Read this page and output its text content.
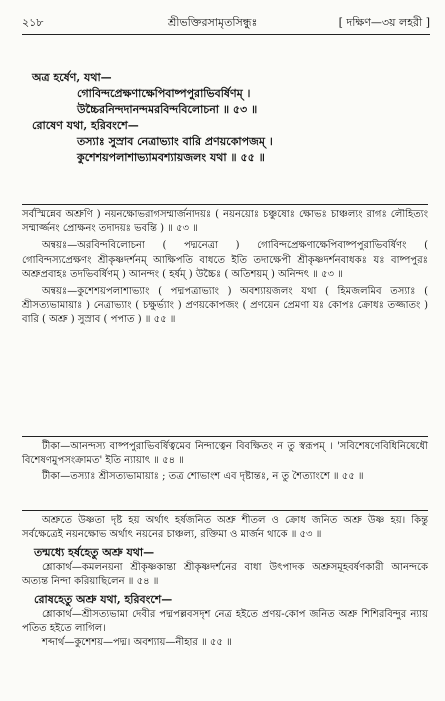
২১৮	শ্রীভক্তিরসামৃতসিন্ধুঃ	[ দক্ষিণ—৩য় লহরী ]

অত্র হর্ষেণ, যথা—

গোবিন্দপ্রেক্ষণাক্ষেপিবাষ্পপুরাভিবর্ষিণম্ ।

উচ্চৈরনিন্দদানন্দমরবিন্দবিলোচনা ॥ ৫৩ ॥

রোষেণ যথা, হরিবংশে—

তস্যাঃ সুস্রাব নেত্রাভ্যাং বারি প্রণয়কোপজম্ ।

কুশেশয়পলাশাভ্যামবশ্যায়জলং যথা ॥ ৫৫ ॥

সর্বস্মিন্নেব অশ্রুণি ) নয়নক্ষোভরাগসম্মার্জনাদয়ঃ ( নয়নয়োঃ চঞ্চুষোঃ ক্ষোভঃ চাঞ্চল্যং রাগঃ লৌহিত্যং সম্মার্জ্জনং প্রোক্ষনং তদাদয়ঃ ভবন্তি ) ॥ ৫৩ ॥

অন্বয়ঃ—অরবিন্দবিলোচনা ( পদ্মনেত্রা ) গোবিন্দপ্রেক্ষণাক্ষেপিবাষ্পপুরাভিবর্ষিণং ( গোবিন্দস্যপ্রেক্ষণং শ্রীকৃষ্ণদর্শনম্ আক্ষিপতি বাধতে ইতি তদাক্ষেপী শ্রীকৃষ্ণদর্শনবাধকঃ যঃ বাষ্পপুরঃ অশ্রুপ্রবাহঃ তদভিবর্ষিণম্ ) আনন্দং ( হর্ষম্ ) উচ্চৈঃ ( অতিশয়ম্ ) অনিন্দৎ ॥ ৫৩ ॥

অন্বয়ঃ—কুশেশয়পলাশাভ্যাং ( পদ্মপত্রাভ্যাং ) অবশ্যায়জলং যথা ( হিমজলমিব তস্যাঃ ( শ্রীসত্যভামায়াঃ ) নেত্রাভ্যাং ( চক্ষুর্ভ্যাং ) প্রণয়কোপজং ( প্রণয়েন প্রেমণা যঃ কোপঃ ক্রোধঃ তজ্জাতং ) বারি ( অশ্রু ) সুস্রাব ( পপাত ) ॥ ৫৫ ॥

টীকা—আনন্দস্য বাষ্পপুরাভিবর্ষিত্বমেব নিন্দাত্বেন বিবক্ষিতং ন তু স্বরূপম্ । 'সবিশেষণেবিধিনিষেধৌ বিশেষণমুপসংক্রামত' ইতি ন্যায়াৎ ॥ ৫৪ ॥

টীকা—তস্যাঃ শ্রীসত্যভামায়াঃ ; তত্র শোভাংশ এব দৃষ্টান্তঃ, ন তু শৈত্যাংশে ॥ ৫৫ ॥

অশ্রুতে উষ্ণতা দৃষ্ট হয় অর্থাৎ হর্ষজনিত অশ্রু শীতল ও ক্রোধ জনিত অশ্রু উষ্ণ হয়। কিন্তু সর্বক্ষেত্রেই নয়নক্ষোভ অর্থাৎ নয়নের চাঞ্চল্য, রক্তিমা ও মার্জন থাকে ॥ ৫৩ ॥

তন্মধ্যে হর্ষহেতু অশ্রু যথা—

শ্লোকার্থ—কমলনয়না শ্রীকৃষ্ণকান্তা শ্রীকৃষ্ণদর্শনের বাধা উৎপাদক অশ্রুসমূহবর্ষণকারী আনন্দকে অত্যন্ত নিন্দা করিয়াছিলেন ॥ ৫৪ ॥

রোষহেতু অশ্রু যথা, হরিবংশে—

শ্লোকার্থ—শ্রীসত্যভামা দেবীর পদ্মপল্লবসদৃশ নেত্র হইতে প্রণয়-কোপ জনিত অশ্রু শিশিরবিন্দুর ন্যায় পতিত হইতে লাগিল।

শব্দার্থ—কুশেশয়—পদ্ম। অবশ্যায়—নীহার ॥ ৫৫ ॥
